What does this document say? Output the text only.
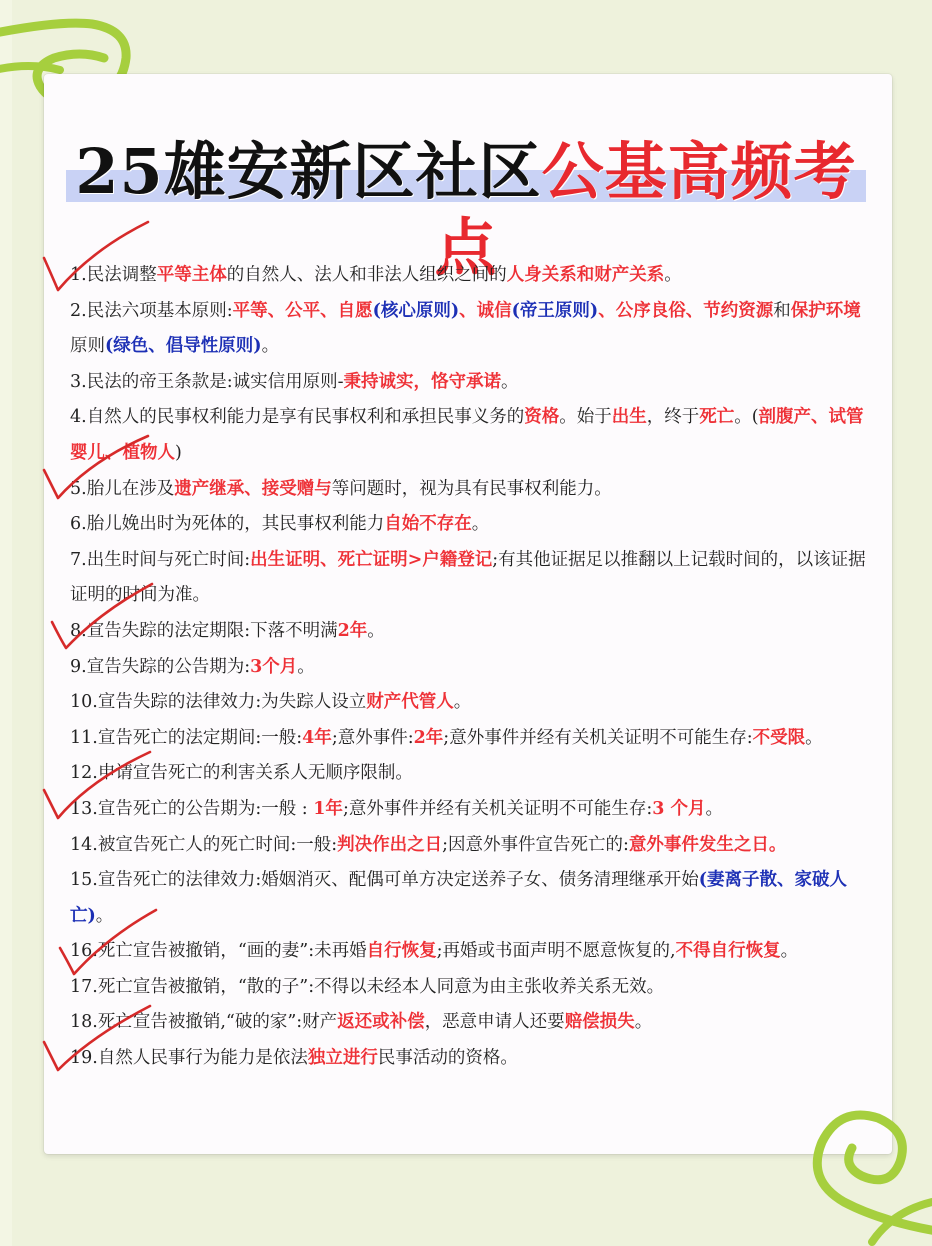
25雄安新区社区公基高频考点

1.民法调整平等主体的自然人、法人和非法人组织之间的人身关系和财产关系。

2.民法六项基本原则:平等、公平、自愿(核心原则)、诚信(帝王原则)、公序良俗、节约资源和保护环境原则(绿色、倡导性原则)。

3.民法的帝王条款是:诚实信用原则-秉持诚实，恪守承诺。

4.自然人的民事权利能力是享有民事权利和承担民事义务的资格。始于出生，终于死亡。(剖腹产、试管婴儿、植物人)

5.胎儿在涉及遗产继承、接受赠与等问题时，视为具有民事权利能力。

6.胎儿娩出时为死体的，其民事权利能力自始不存在。

7.出生时间与死亡时间:出生证明、死亡证明>户籍登记;有其他证据足以推翻以上记载时间的，以该证据证明的时间为准。

8.宣告失踪的法定期限:下落不明满2年。

9.宣告失踪的公告期为:3个月。

10.宣告失踪的法律效力:为失踪人设立财产代管人。

11.宣告死亡的法定期间:一般:4年;意外事件:2年;意外事件并经有关机关证明不可能生存:不受限。

12.申请宣告死亡的利害关系人无顺序限制。

13.宣告死亡的公告期为:一般 : 1年;意外事件并经有关机关证明不可能生存:3 个月。

14.被宣告死亡人的死亡时间:一般:判决作出之日;因意外事件宣告死亡的:意外事件发生之日。

15.宣告死亡的法律效力:婚姻消灭、配偶可单方决定送养子女、债务清理继承开始(妻离子散、家破人亡)。

16.死亡宣告被撤销，“画的妻”:未再婚自行恢复;再婚或书面声明不愿意恢复的,不得自行恢复。

17.死亡宣告被撤销，“散的子”:不得以未经本人同意为由主张收养关系无效。

18.死亡宣告被撤销,“破的家”:财产返还或补偿，恶意申请人还要赔偿损失。

19.自然人民事行为能力是依法独立进行民事活动的资格。
